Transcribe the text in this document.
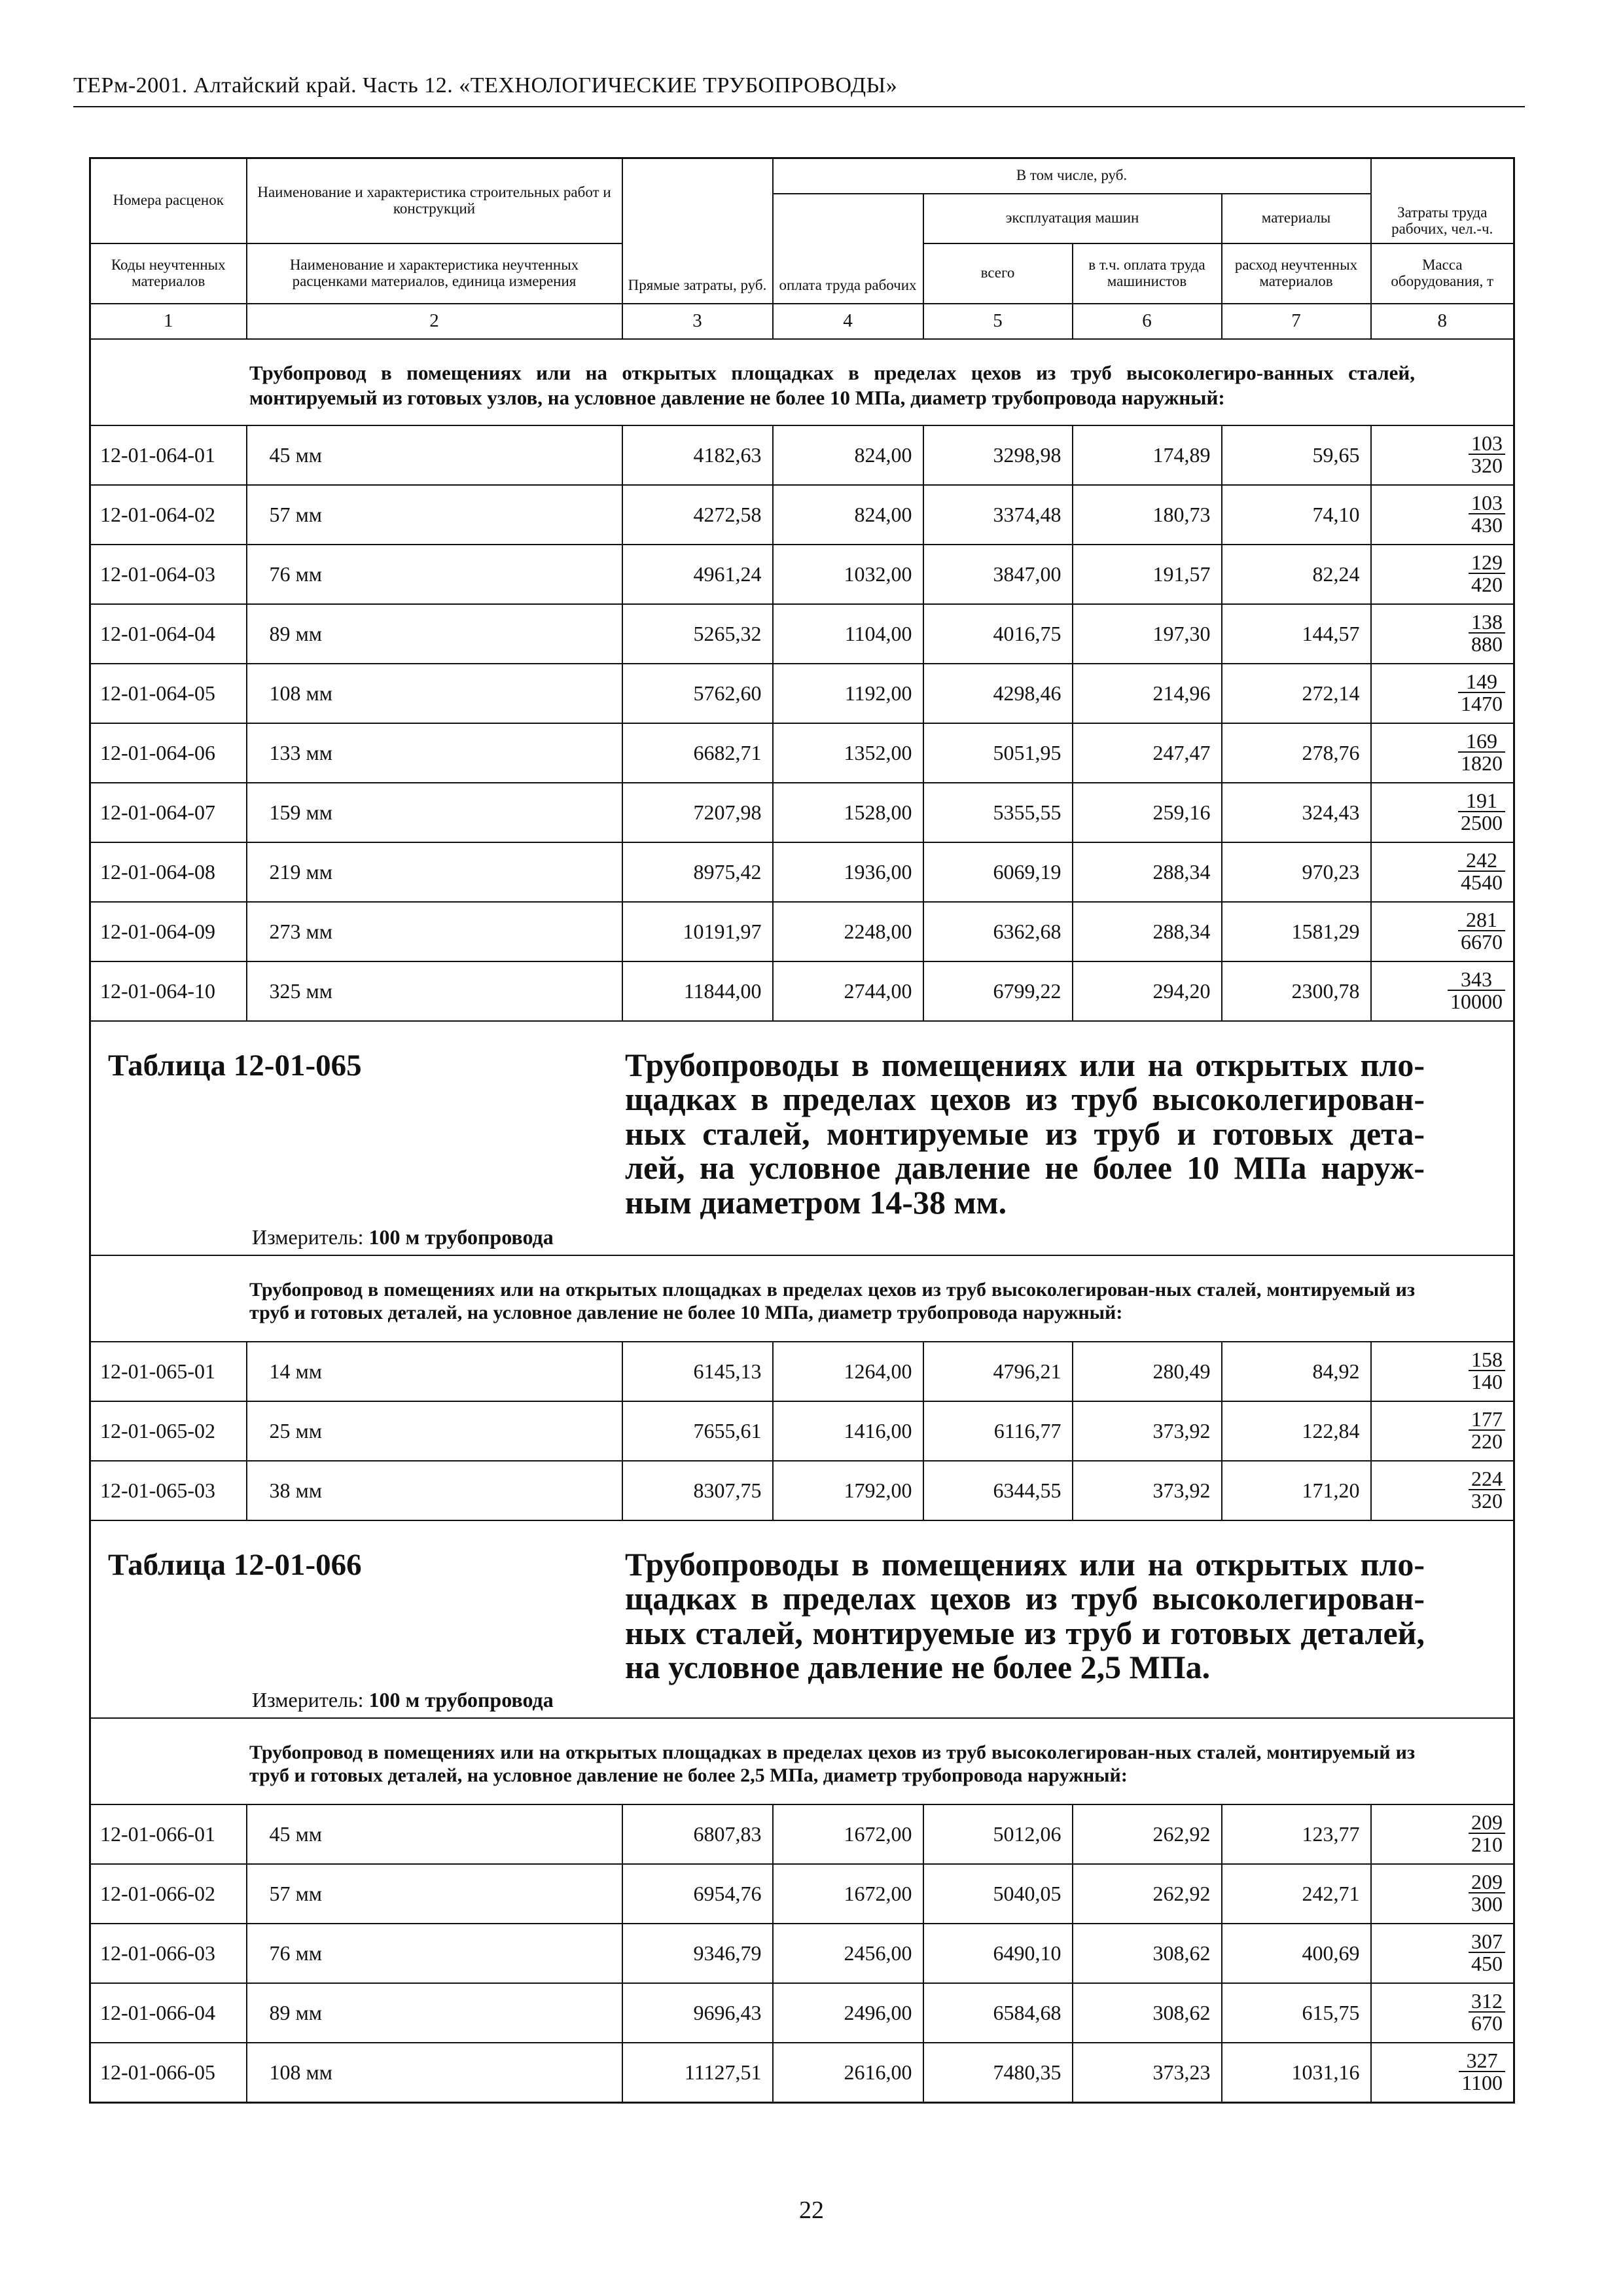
ТЕРм-2001. Алтайский край. Часть 12. «ТЕХНОЛОГИЧЕСКИЕ ТРУБОПРОВОДЫ»
Номера расценок	Наименование и характеристика строительных работ и конструкций	Прямые затраты, руб.	В том числе, руб.				Затраты труда рабочих, чел.-ч.
			оплата труда рабочих	эксплуатация машин		материалы	
Коды неучтенных материалов	Наименование и характеристика неучтенных расценками материалов, единица измерения			всего	в т.ч. оплата труда машинистов	расход неучтенных материалов	Масса оборудования, т
1	2	3	4	5	6	7	8

Трубопровод в помещениях или на открытых площадках в пределах цехов из труб высоколегиро-ванных сталей, монтируемый из готовых узлов, на условное давление не более 10 МПа, диаметр трубопровода наружный:							

12-01-064-01	45 мм	4182,63	824,00	3298,98	174,89	59,65	$\frac{103}{320}$

12-01-064-02	57 мм	4272,58	824,00	3374,48	180,73	74,10	$\frac{103}{430}$

12-01-064-03	76 мм	4961,24	1032,00	3847,00	191,57	82,24	$\frac{129}{420}$

12-01-064-04	89 мм	5265,32	1104,00	4016,75	197,30	144,57	$\frac{138}{880}$

12-01-064-05	108 мм	5762,60	1192,00	4298,46	214,96	272,14	$\frac{149}{1470}$

12-01-064-06	133 мм	6682,71	1352,00	5051,95	247,47	278,76	$\frac{169}{1820}$

12-01-064-07	159 мм	7207,98	1528,00	5355,55	259,16	324,43	$\frac{191}{2500}$

12-01-064-08	219 мм	8975,42	1936,00	6069,19	288,34	970,23	$\frac{242}{4540}$

12-01-064-09	273 мм	10191,97	2248,00	6362,68	288,34	1581,29	$\frac{281}{6670}$

12-01-064-10	325 мм	11844,00	2744,00	6799,22	294,20	2300,78	$\frac{343}{10000}$

Таблица 12-01-065 Трубопроводы в помещениях или на открытых пло-щадках в пределах цехов из труб высоколегирован-ных сталей, монтируемые из труб и готовых дета-лей, на условное давление не более 10 МПа наруж-ным диаметром 14-38 мм.
Измеритель: 100 м трубопровода							

Трубопровод в помещениях или на открытых площадках в пределах цехов из труб высоколегирован-ных сталей, монтируемый из труб и готовых деталей, на условное давление не более 10 МПа, диаметр трубопровода наружный:							

12-01-065-01	14 мм	6145,13	1264,00	4796,21	280,49	84,92	$\frac{158}{140}$

12-01-065-02	25 мм	7655,61	1416,00	6116,77	373,92	122,84	$\frac{177}{220}$

12-01-065-03	38 мм	8307,75	1792,00	6344,55	373,92	171,20	$\frac{224}{320}$

Таблица 12-01-066 Трубопроводы в помещениях или на открытых пло-щадках в пределах цехов из труб высоколегирован-ных сталей, монтируемые из труб и готовых деталей, на условное давление не более 2,5 МПа.
Измеритель: 100 м трубопровода							

Трубопровод в помещениях или на открытых площадках в пределах цехов из труб высоколегирован-ных сталей, монтируемый из труб и готовых деталей, на условное давление не более 2,5 МПа, диаметр трубопровода наружный:							

12-01-066-01	45 мм	6807,83	1672,00	5012,06	262,92	123,77	$\frac{209}{210}$

12-01-066-02	57 мм	6954,76	1672,00	5040,05	262,92	242,71	$\frac{209}{300}$

12-01-066-03	76 мм	9346,79	2456,00	6490,10	308,62	400,69	$\frac{307}{450}$

12-01-066-04	89 мм	9696,43	2496,00	6584,68	308,62	615,75	$\frac{312}{670}$

12-01-066-05	108 мм	11127,51	2616,00	7480,35	373,23	1031,16	$\frac{327}{1100}$
22
